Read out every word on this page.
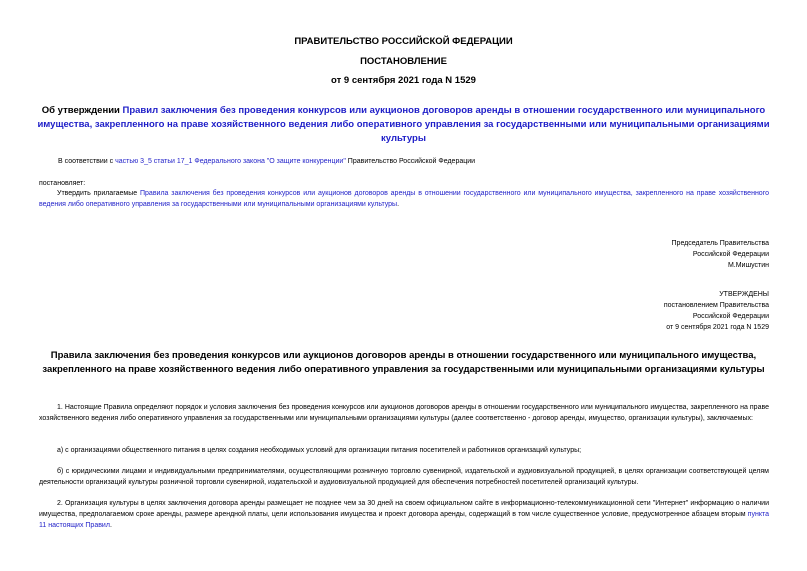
ПРАВИТЕЛЬСТВО РОССИЙСКОЙ ФЕДЕРАЦИИ
ПОСТАНОВЛЕНИЕ
от 9 сентября 2021 года N 1529
Об утверждении Правил заключения без проведения конкурсов или аукционов договоров аренды в отношении государственного или муниципального имущества, закрепленного на праве хозяйственного ведения либо оперативного управления за государственными или муниципальными организациями культуры
В соответствии с частью 3_5 статьи 17_1 Федерального закона "О защите конкуренции" Правительство Российской Федерации
постановляет:
Утвердить прилагаемые Правила заключения без проведения конкурсов или аукционов договоров аренды в отношении государственного или муниципального имущества, закрепленного на праве хозяйственного ведения либо оперативного управления за государственными или муниципальными организациями культуры.
Председатель Правительства
Российской Федерации
М.Мишустин
УТВЕРЖДЕНЫ
постановлением Правительства
Российской Федерации
от 9 сентября 2021 года N 1529
Правила заключения без проведения конкурсов или аукционов договоров аренды в отношении государственного или муниципального имущества, закрепленного на праве хозяйственного ведения либо оперативного управления за государственными или муниципальными организациями культуры
1. Настоящие Правила определяют порядок и условия заключения без проведения конкурсов или аукционов договоров аренды в отношении государственного или муниципального имущества, закрепленного на праве хозяйственного ведения либо оперативного управления за государственными или муниципальными организациями культуры (далее соответственно - договор аренды, имущество, организации культуры), заключаемых:
а) с организациями общественного питания в целях создания необходимых условий для организации питания посетителей и работников организаций культуры;
б) с юридическими лицами и индивидуальными предпринимателями, осуществляющими розничную торговлю сувенирной, издательской и аудиовизуальной продукцией, в целях организации соответствующей целям деятельности организаций культуры розничной торговли сувенирной, издательской и аудиовизуальной продукцией для обеспечения потребностей посетителей организаций культуры.
2. Организация культуры в целях заключения договора аренды размещает не позднее чем за 30 дней на своем официальном сайте в информационно-телекоммуникационной сети "Интернет" информацию о наличии имущества, предполагаемом сроке аренды, размере арендной платы, цели использования имущества и проект договора аренды, содержащий в том числе существенное условие, предусмотренное абзацем вторым пункта 11 настоящих Правил.
